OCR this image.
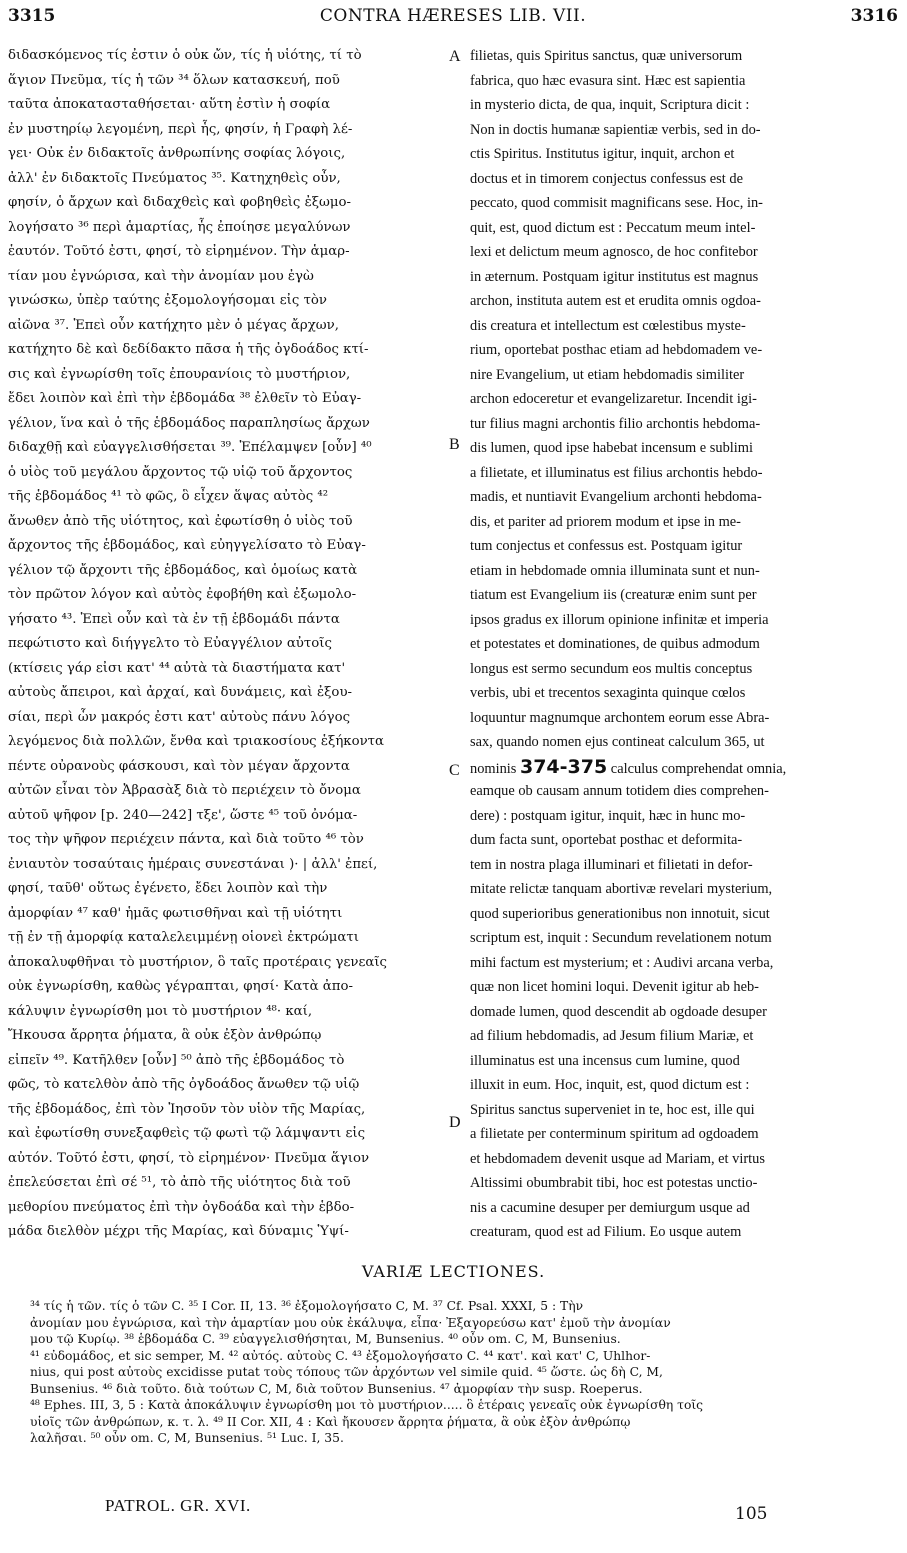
3315	CONTRA HÆRESES LIB. VII.	3316
διδασκόμενος τίς ἐστιν ὁ οὐκ ὤν, τίς ἡ υἱότης, τί τὸ
ἅγιον Πνεῦμα, τίς ἡ τῶν ³⁴ ὅλων κατασκευή, ποῦ
ταῦτα ἀποκατασταθήσεται· αὕτη ἐστὶν ἡ σοφία
ἐν μυστηρίῳ λεγομένη, περὶ ἧς, φησίν, ἡ Γραφὴ λέ-
γει· Οὐκ ἐν διδακτοῖς ἀνθρωπίνης σοφίας λόγοις,
ἀλλ' ἐν διδακτοῖς Πνεύματος ³⁵. Κατηχηθεὶς οὖν,
φησίν, ὁ ἄρχων καὶ διδαχθεὶς καὶ φοβηθεὶς ἐξωμο-
λογήσατο ³⁶ περὶ ἁμαρτίας, ἧς ἐποίησε μεγαλύνων
ἑαυτόν. Τοῦτό ἐστι, φησί, τὸ εἰρημένον. Τὴν ἁμαρ-
τίαν μου ἐγνώρισα, καὶ τὴν ἀνομίαν μου ἐγὼ
γινώσκω, ὑπὲρ ταύτης ἐξομολογήσομαι εἰς τὸν
αἰῶνα ³⁷. Ἐπεὶ οὖν κατήχητο μὲν ὁ μέγας ἄρχων,
κατήχητο δὲ καὶ δεδίδακτο πᾶσα ἡ τῆς ὀγδοάδος κτί-
σις καὶ ἐγνωρίσθη τοῖς ἐπουρανίοις τὸ μυστήριον,
ἔδει λοιπὸν καὶ ἐπὶ τὴν ἑβδομάδα ³⁸ ἐλθεῖν τὸ Εὐαγ-
γέλιον, ἵνα καὶ ὁ τῆς ἑβδομάδος παραπλησίως ἄρχων
διδαχθῇ καὶ εὐαγγελισθήσεται ³⁹. Ἐπέλαμψεν [οὖν] ⁴⁰
ὁ υἱὸς τοῦ μεγάλου ἄρχοντος τῷ υἱῷ τοῦ ἄρχοντος
τῆς ἑβδομάδος ⁴¹ τὸ φῶς, ὃ εἶχεν ἅψας αὐτὸς ⁴²
ἄνωθεν ἀπὸ τῆς υἱότητος, καὶ ἐφωτίσθη ὁ υἱὸς τοῦ
ἄρχοντος τῆς ἑβδομάδος, καὶ εὐηγγελίσατο τὸ Εὐαγ-
γέλιον τῷ ἄρχοντι τῆς ἑβδομάδος, καὶ ὁμοίως κατὰ
τὸν πρῶτον λόγον καὶ αὐτὸς ἐφοβήθη καὶ ἐξωμολο-
γήσατο ⁴³. Ἐπεὶ οὖν καὶ τὰ ἐν τῇ ἑβδομάδι πάντα
πεφώτιστο καὶ διήγγελτο τὸ Εὐαγγέλιον αὐτοῖς
(κτίσεις γάρ εἰσι κατ' ⁴⁴ αὐτὰ τὰ διαστήματα κατ'
αὐτοὺς ἄπειροι, καὶ ἀρχαί, καὶ δυνάμεις, καὶ ἐξου-
σίαι, περὶ ὧν μακρός ἐστι κατ' αὐτοὺς πάνυ λόγος
λεγόμενος διὰ πολλῶν, ἔνθα καὶ τριακοσίους ἑξήκοντα
πέντε οὐρανοὺς φάσκουσι, καὶ τὸν μέγαν ἄρχοντα
αὐτῶν εἶναι τὸν Ἀβρασὰξ διὰ τὸ περιέχειν τὸ ὄνομα
αὐτοῦ ψῆφον [p. 240—242] τξε', ὥστε ⁴⁵ τοῦ ὀνόμα-
τος τὴν ψῆφον περιέχειν πάντα, καὶ διὰ τοῦτο ⁴⁶ τὸν
ἐνιαυτὸν τοσαύταις ἡμέραις συνεστάναι )· | ἀλλ' ἐπεί,
φησί, ταῦθ' οὕτως ἐγένετο, ἔδει λοιπὸν καὶ τὴν
ἀμορφίαν ⁴⁷ καθ' ἡμᾶς φωτισθῆναι καὶ τῇ υἱότητι
τῇ ἐν τῇ ἀμορφίᾳ καταλελειμμένῃ οἱονεὶ ἐκτρώματι
ἀποκαλυφθῆναι τὸ μυστήριον, ὃ ταῖς προτέραις γενεαῖς
οὐκ ἐγνωρίσθη, καθὼς γέγραπται, φησί· Κατὰ ἀπο-
κάλυψιν ἐγνωρίσθη μοι τὸ μυστήριον ⁴⁸· καί,
Ἤκουσα ἄρρητα ῥήματα, ἃ οὐκ ἐξὸν ἀνθρώπῳ
εἰπεῖν ⁴⁹. Κατῆλθεν [οὖν] ⁵⁰ ἀπὸ τῆς ἑβδομάδος τὸ
φῶς, τὸ κατελθὸν ἀπὸ τῆς ὀγδοάδος ἄνωθεν τῷ υἱῷ
τῆς ἑβδομάδος, ἐπὶ τὸν Ἰησοῦν τὸν υἱὸν τῆς Μαρίας,
καὶ ἐφωτίσθη συνεξαφθεὶς τῷ φωτὶ τῷ λάμψαντι εἰς
αὐτόν. Τοῦτό ἐστι, φησί, τὸ εἰρημένον· Πνεῦμα ἅγιον
ἐπελεύσεται ἐπὶ σέ ⁵¹, τὸ ἀπὸ τῆς υἱότητος διὰ τοῦ
μεθορίου πνεύματος ἐπὶ τὴν ὀγδοάδα καὶ τὴν ἑβδο-
μάδα διελθὸν μέχρι τῆς Μαρίας, καὶ δύναμις Ὑψί-
A
B
C
D
filietas, quis Spiritus sanctus, quæ universorum
fabrica, quo hæc evasura sint. Hæc est sapientia
in mysterio dicta, de qua, inquit, Scriptura dicit :
Non in doctis humanæ sapientiæ verbis, sed in do-
ctis Spiritus. Institutus igitur, inquit, archon et
doctus et in timorem conjectus confessus est de
peccato, quod commisit magnificans sese. Hoc, in-
quit, est, quod dictum est : Peccatum meum intel-
lexi et delictum meum agnosco, de hoc confitebor
in æternum. Postquam igitur institutus est magnus
archon, instituta autem est et erudita omnis ogdoa-
dis creatura et intellectum est cœlestibus myste-
rium, oportebat posthac etiam ad hebdomadem ve-
nire Evangelium, ut etiam hebdomadis similiter
archon edoceretur et evangelizaretur. Incendit igi-
tur filius magni archontis filio archontis hebdoma-
dis lumen, quod ipse habebat incensum e sublimi
a filietate, et illuminatus est filius archontis hebdo-
madis, et nuntiavit Evangelium archonti hebdoma-
dis, et pariter ad priorem modum et ipse in me-
tum conjectus et confessus est. Postquam igitur
etiam in hebdomade omnia illuminata sunt et nun-
tiatum est Evangelium iis (creaturæ enim sunt per
ipsos gradus ex illorum opinione infinitæ et imperia
et potestates et dominationes, de quibus admodum
longus est sermo secundum eos multis conceptus
verbis, ubi et trecentos sexaginta quinque cœlos
loquuntur magnumque archontem eorum esse Abra-
sax, quando nomen ejus contineat calculum 365, ut
nominis 374-375 calculus comprehendat omnia,
eamque ob causam annum totidem dies comprehen-
dere) : postquam igitur, inquit, hæc in hunc mo-
dum facta sunt, oportebat posthac et deformita-
tem in nostra plaga illuminari et filietati in defor-
mitate relictæ tanquam abortivæ revelari mysterium,
quod superioribus generationibus non innotuit, sicut
scriptum est, inquit : Secundum revelationem notum
mihi factum est mysterium; et : Audivi arcana verba,
quæ non licet homini loqui. Devenit igitur ab heb-
domade lumen, quod descendit ab ogdoade desuper
ad filium hebdomadis, ad Jesum filium Mariæ, et
illuminatus est una incensus cum lumine, quod
illuxit in eum. Hoc, inquit, est, quod dictum est :
Spiritus sanctus superveniet in te, hoc est, ille qui
a filietate per conterminum spiritum ad ogdoadem
et hebdomadem devenit usque ad Mariam, et virtus
Altissimi obumbrabit tibi, hoc est potestas unctio-
nis a cacumine desuper per demiurgum usque ad
creaturam, quod est ad Filium. Eo usque autem
VARIÆ LECTIONES.
³⁴ τίς ἡ τῶν. τίς ὁ τῶν C. ³⁵ I Cor. II, 13. ³⁶ ἐξομολογήσατο C, M. ³⁷ Cf. Psal. XXXI, 5 : Τὴν
ἀνομίαν μου ἐγνώρισα, καὶ τὴν ἁμαρτίαν μου οὐκ ἐκάλυψα, εἶπα· Ἐξαγορεύσω κατ' ἐμοῦ τὴν ἀνομίαν
μου τῷ Κυρίῳ. ³⁸ ἑβδομάδα C. ³⁹ εὐαγγελισθήσηται, M, Bunsenius. ⁴⁰ οὖν om. C, M, Bunsenius.
⁴¹ εὐδομάδος, et sic semper, M. ⁴² αὐτός. αὐτοὺς C. ⁴³ ἐξομολογήσατο C. ⁴⁴ κατ'. καὶ κατ' C, Uhlhor-
nius, qui post αὐτοὺς excidisse putat τοὺς τόπους τῶν ἀρχόντων vel simile quid. ⁴⁵ ὥστε. ὡς δὴ C, M,
Bunsenius. ⁴⁶ διὰ τοῦτο. διὰ τούτων C, M, διὰ τοῦτον Bunsenius. ⁴⁷ ἀμορφίαν τὴν susp. Roeperus.
⁴⁸ Ephes. III, 3, 5 : Κατὰ ἀποκάλυψιν ἐγνωρίσθη μοι τὸ μυστήριον..... ὃ ἑτέραις γενεαῖς οὐκ ἐγνωρίσθη τοῖς
υἱοῖς τῶν ἀνθρώπων, κ. τ. λ. ⁴⁹ II Cor. XII, 4 : Καὶ ἤκουσεν ἄρρητα ῥήματα, ἃ οὐκ ἐξὸν ἀνθρώπῳ
λαλῆσαι. ⁵⁰ οὖν om. C, M, Bunsenius. ⁵¹ Luc. I, 35.
PATROL. GR. XVI.	105
